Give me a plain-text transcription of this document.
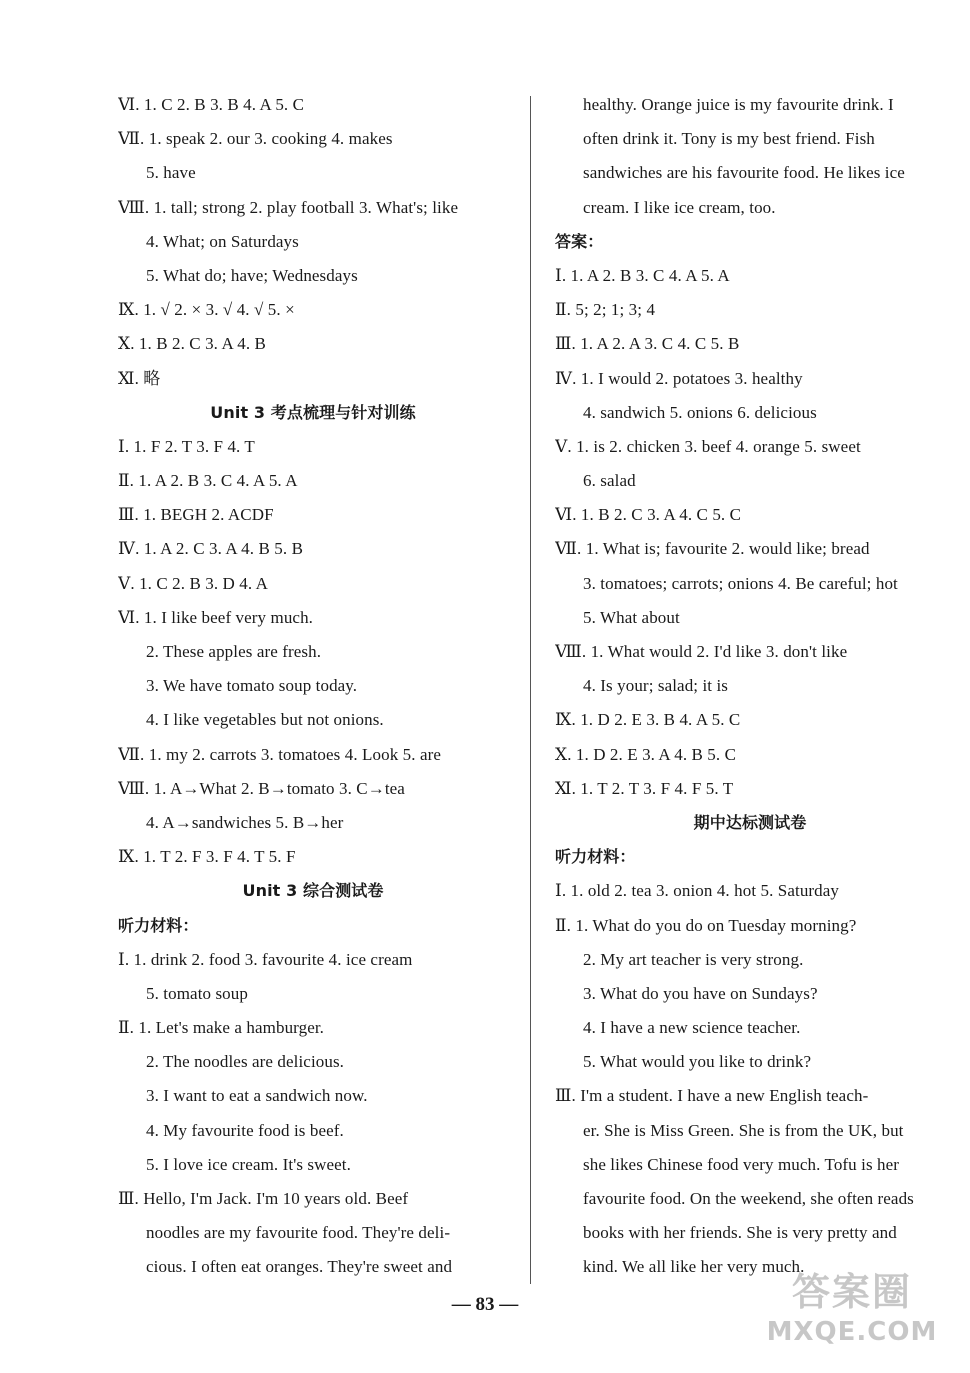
Ⅵ. 1. C 2. B 3. B 4. A 5. C
Ⅶ. 1. speak 2. our 3. cooking 4. makes
5. have
Ⅷ. 1. tall; strong 2. play football 3. What's; like
4. What; on Saturdays
5. What do; have; Wednesdays
Ⅸ. 1. √ 2. × 3. √ 4. √ 5. ×
Ⅹ. 1. B 2. C 3. A 4. B
Ⅺ. 略
Unit 3 考点梳理与针对训练
Ⅰ. 1. F 2. T 3. F 4. T
Ⅱ. 1. A 2. B 3. C 4. A 5. A
Ⅲ. 1. BEGH 2. ACDF
Ⅳ. 1. A 2. C 3. A 4. B 5. B
Ⅴ. 1. C 2. B 3. D 4. A
Ⅵ. 1. I like beef very much.
2. These apples are fresh.
3. We have tomato soup today.
4. I like vegetables but not onions.
Ⅶ. 1. my 2. carrots 3. tomatoes 4. Look 5. are
Ⅷ. 1. A→What 2. B→tomato 3. C→tea
4. A→sandwiches 5. B→her
Ⅸ. 1. T 2. F 3. F 4. T 5. F
Unit 3 综合测试卷
听力材料：
Ⅰ. 1. drink 2. food 3. favourite 4. ice cream
5. tomato soup
Ⅱ. 1. Let's make a hamburger.
2. The noodles are delicious.
3. I want to eat a sandwich now.
4. My favourite food is beef.
5. I love ice cream. It's sweet.
Ⅲ. Hello, I'm Jack. I'm 10 years old. Beef
noodles are my favourite food. They're deli-
cious. I often eat oranges. They're sweet and
healthy. Orange juice is my favourite drink. I
often drink it. Tony is my best friend. Fish
sandwiches are his favourite food. He likes ice
cream. I like ice cream, too.
答案：
Ⅰ. 1. A 2. B 3. C 4. A 5. A
Ⅱ. 5; 2; 1; 3; 4
Ⅲ. 1. A 2. A 3. C 4. C 5. B
Ⅳ. 1. I would 2. potatoes 3. healthy
4. sandwich 5. onions 6. delicious
Ⅴ. 1. is 2. chicken 3. beef 4. orange 5. sweet
6. salad
Ⅵ. 1. B 2. C 3. A 4. C 5. C
Ⅶ. 1. What is; favourite 2. would like; bread
3. tomatoes; carrots; onions 4. Be careful; hot
5. What about
Ⅷ. 1. What would 2. I'd like 3. don't like
4. Is your; salad; it is
Ⅸ. 1. D 2. E 3. B 4. A 5. C
Ⅹ. 1. D 2. E 3. A 4. B 5. C
Ⅺ. 1. T 2. T 3. F 4. F 5. T
期中达标测试卷
听力材料：
Ⅰ. 1. old 2. tea 3. onion 4. hot 5. Saturday
Ⅱ. 1. What do you do on Tuesday morning?
2. My art teacher is very strong.
3. What do you have on Sundays?
4. I have a new science teacher.
5. What would you like to drink?
Ⅲ. I'm a student. I have a new English teach-
er. She is Miss Green. She is from the UK, but
she likes Chinese food very much. Tofu is her
favourite food. On the weekend, she often reads
books with her friends. She is very pretty and
kind. We all like her very much.
— 83 —	答案圈
MXQE.COM
